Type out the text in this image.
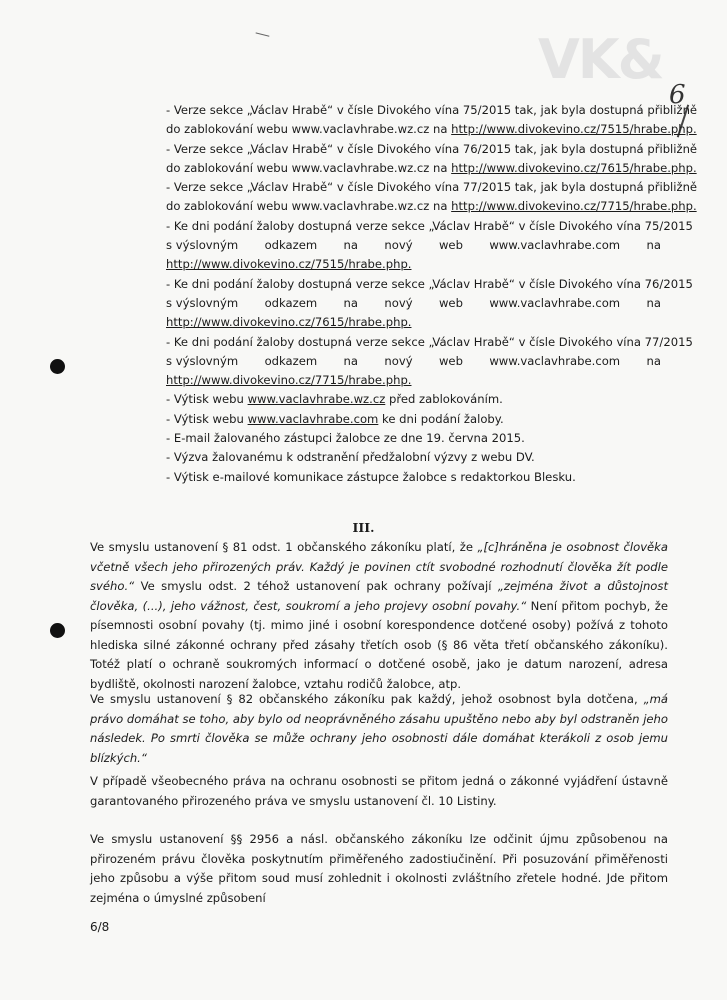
VK&
6
- Verze sekce „Václav Hrabě“ v čísle Divokého vína 75/2015 tak, jak byla dostupná přibližně
do zablokování webu www.vaclavhrabe.wz.cz na http://www.divokevino.cz/7515/hrabe.php.
- Verze sekce „Václav Hrabě“ v čísle Divokého vína 76/2015 tak, jak byla dostupná přibližně
do zablokování webu www.vaclavhrabe.wz.cz na http://www.divokevino.cz/7615/hrabe.php.
- Verze sekce „Václav Hrabě“ v čísle Divokého vína 77/2015 tak, jak byla dostupná přibližně
do zablokování webu www.vaclavhrabe.wz.cz na http://www.divokevino.cz/7715/hrabe.php.
- Ke dni podání žaloby dostupná verze sekce „Václav Hrabě“ v čísle Divokého vína 75/2015
s výslovným odkazem na nový web www.vaclavhrabe.com na
http://www.divokevino.cz/7515/hrabe.php.
- Ke dni podání žaloby dostupná verze sekce „Václav Hrabě“ v čísle Divokého vína 76/2015
s výslovným odkazem na nový web www.vaclavhrabe.com na
http://www.divokevino.cz/7615/hrabe.php.
- Ke dni podání žaloby dostupná verze sekce „Václav Hrabě“ v čísle Divokého vína 77/2015
s výslovným odkazem na nový web www.vaclavhrabe.com na
http://www.divokevino.cz/7715/hrabe.php.
- Výtisk webu www.vaclavhrabe.wz.cz před zablokováním.
- Výtisk webu www.vaclavhrabe.com ke dni podání žaloby.
- E-mail žalovaného zástupci žalobce ze dne 19. června 2015.
- Výzva žalovanému k odstranění předžalobní výzvy z webu DV.
- Výtisk e-mailové komunikace zástupce žalobce s redaktorkou Blesku.
III.

Ve smyslu ustanovení § 81 odst. 1 občanského zákoníku platí, že „[c]hráněna je osobnost člověka včetně všech jeho přirozených práv. Každý je povinen ctít svobodné rozhodnutí člověka žít podle svého.“ Ve smyslu odst. 2 téhož ustanovení pak ochrany požívají „zejména život a důstojnost člověka, (...), jeho vážnost, čest, soukromí a jeho projevy osobní povahy.“ Není přitom pochyb, že písemnosti osobní povahy (tj. mimo jiné i osobní korespondence dotčené osoby) požívá z tohoto hlediska silné zákonné ochrany před zásahy třetích osob (§ 86 věta třetí občanského zákoníku). Totéž platí o ochraně soukromých informací o dotčené osobě, jako je datum narození, adresa bydliště, okolnosti narození žalobce, vztahu rodičů žalobce, atp.

Ve smyslu ustanovení § 82 občanského zákoníku pak každý, jehož osobnost byla dotčena, „má právo domáhat se toho, aby bylo od neoprávněného zásahu upuštěno nebo aby byl odstraněn jeho následek. Po smrti člověka se může ochrany jeho osobnosti dále domáhat kterákoli z osob jemu blízkých.“

V případě všeobecného práva na ochranu osobnosti se přitom jedná o zákonné vyjádření ústavně garantovaného přirozeného práva ve smyslu ustanovení čl. 10 Listiny.

Ve smyslu ustanovení §§ 2956 a násl. občanského zákoníku lze odčinit újmu způsobenou na přirozeném právu člověka poskytnutím přiměřeného zadostiučinění. Při posuzování přiměřenosti jeho způsobu a výše přitom soud musí zohlednit i okolnosti zvláštního zřetele hodné. Jde přitom zejména o úmyslné způsobení

6/8
